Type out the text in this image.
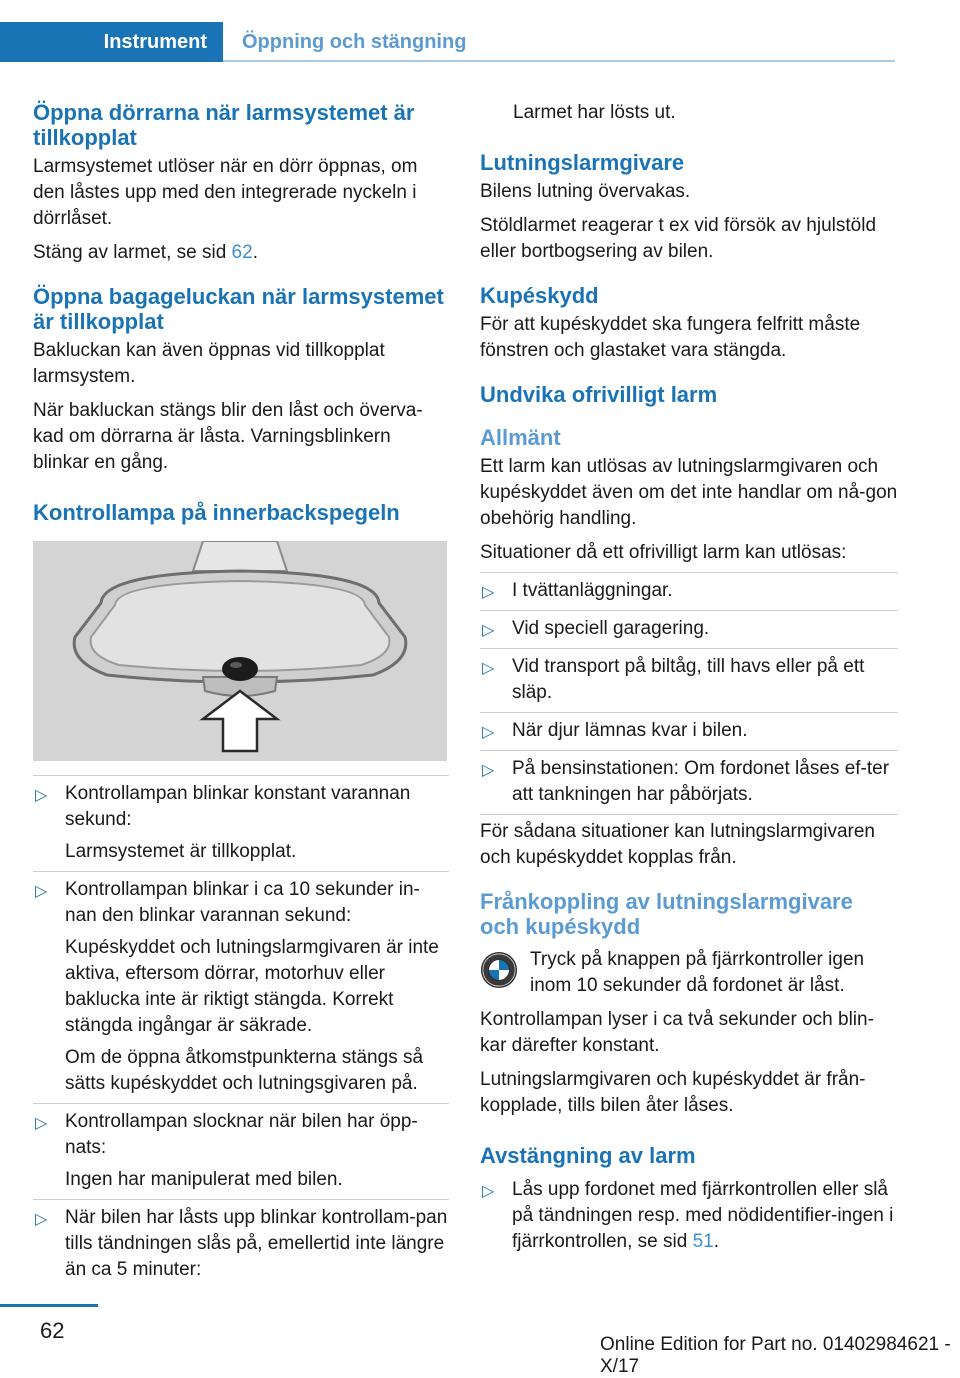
Instrument	Öppning och stängning
Öppna dörrarna när larmsystemet är tillkopplat

Larmsystemet utlöser när en dörr öppnas, om den låstes upp med den integrerade nyckeln i dörrlåset.

Stäng av larmet, se sid 62.

Öppna bagageluckan när larmsystemet är tillkopplat

Bakluckan kan även öppnas vid tillkopplat larmsystem.

När bakluckan stängs blir den låst och överva-kad om dörrarna är låsta. Varningsblinkern blinkar en gång.

Kontrollampa på innerbackspegeln
▷ Kontrollampan blinkar konstant varannan sekund:
Larmsystemet är tillkopplat.
▷ Kontrollampan blinkar i ca 10 sekunder in-nan den blinkar varannan sekund:
Kupéskyddet och lutningslarmgivaren är inte aktiva, eftersom dörrar, motorhuv eller baklucka inte är riktigt stängda. Korrekt stängda ingångar är säkrade.
Om de öppna åtkomstpunkterna stängs så sätts kupéskyddet och lutningsgivaren på.
▷ Kontrollampan slocknar när bilen har öpp-nats:
Ingen har manipulerat med bilen.
▷ När bilen har låsts upp blinkar kontrollam-pan tills tändningen slås på, emellertid inte längre än ca 5 minuter:

Larmet har lösts ut.

Lutningslarmgivare

Bilens lutning övervakas.

Stöldlarmet reagerar t ex vid försök av hjulstöld eller bortbogsering av bilen.

Kupéskydd

För att kupéskyddet ska fungera felfritt måste fönstren och glastaket vara stängda.

Undvika ofrivilligt larm
Allmänt

Ett larm kan utlösas av lutningslarmgivaren och kupéskyddet även om det inte handlar om nå-gon obehörig handling.

Situationer då ett ofrivilligt larm kan utlösas:

▷ I tvättanläggningar.
▷ Vid speciell garagering.
▷ Vid transport på biltåg, till havs eller på ett släp.
▷ När djur lämnas kvar i bilen.
▷ På bensinstationen: Om fordonet låses ef-ter att tankningen har påbörjats.

För sådana situationer kan lutningslarmgivaren och kupéskyddet kopplas från.

Frånkoppling av lutningslarmgivare och kupéskydd

Tryck på knappen på fjärrkontroller igen inom 10 sekunder då fordonet är låst.

Kontrollampan lyser i ca två sekunder och blin-kar därefter konstant.

Lutningslarmgivaren och kupéskyddet är från-kopplade, tills bilen åter låses.

Avstängning av larm
▷ Lås upp fordonet med fjärrkontrollen eller slå på tändningen resp. med nödidentifier-ingen i fjärrkontrollen, se sid 51.
62
Online Edition for Part no. 01402984621 - X/17
